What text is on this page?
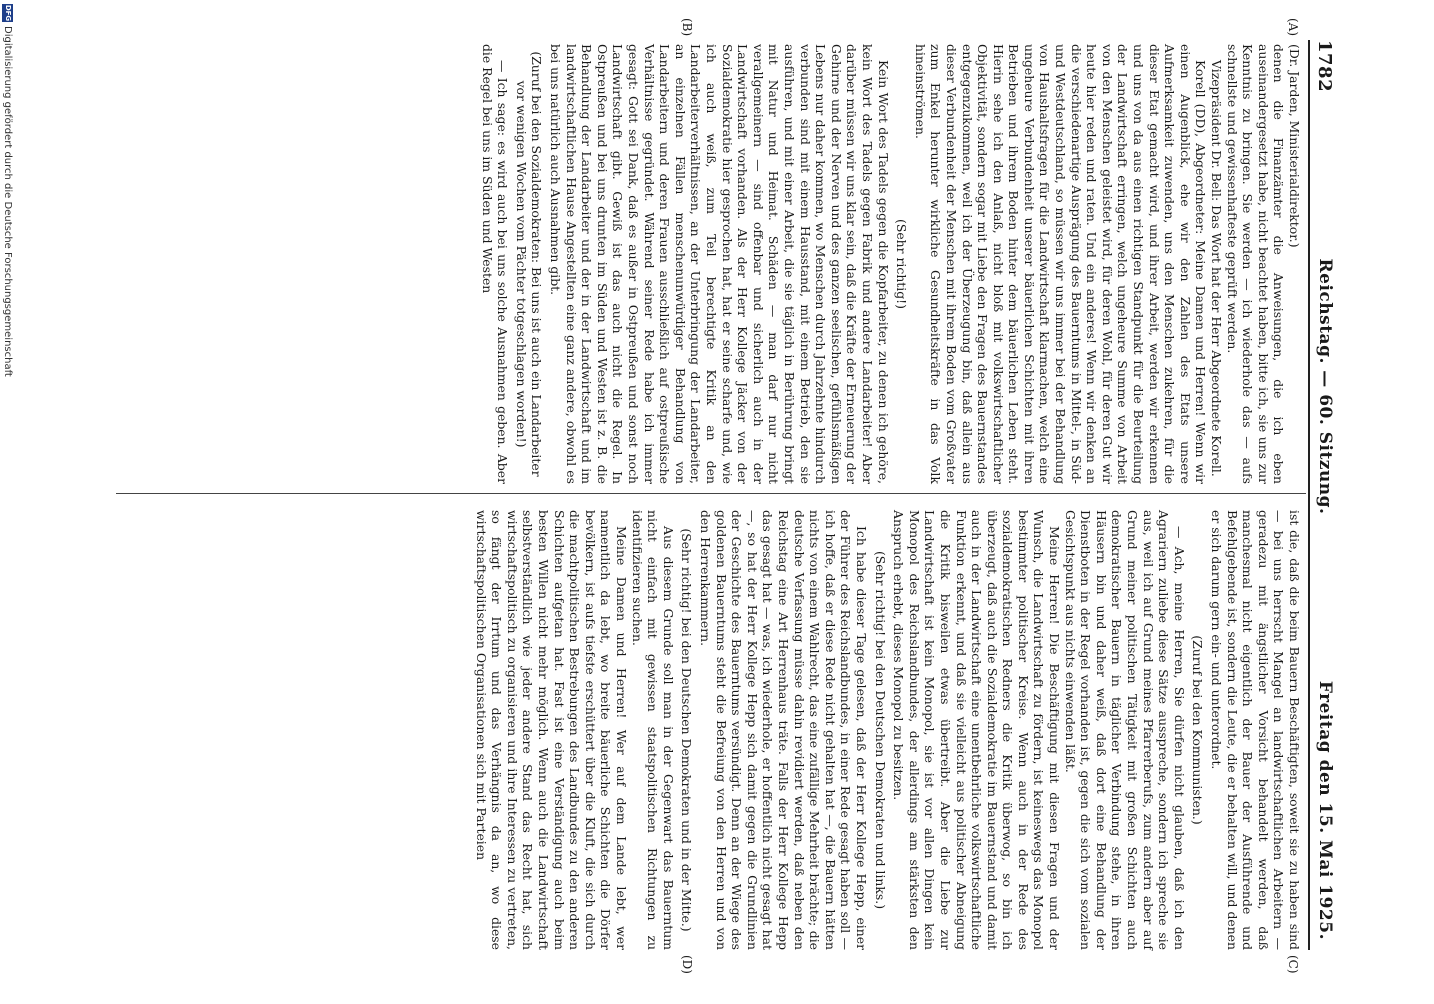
1782
Reichstag. — 60. Sitzung.
Freitag den 15. Mai 1925.
(A)
(B)
(C)
(D)

(Dr. Jarden, Ministerialdirektor.)

denen die Finanzämter die Anweisungen, die ich eben auseinandergesetzt habe, nicht beachtet haben, bitte ich, sie uns zur Kenntnis zu bringen. Sie werden — ich wiederhole das — aufs schnellste und gewissenhafteste geprüft werden.

Vizepräsident Dr. Bell: Das Wort hat der Herr Abgeordnete Korell.

Korell (DD), Abgeordneter: Meine Damen und Herren! Wenn wir einen Augenblick, ehe wir den Zahlen des Etats unsere Aufmerksamkeit zuwenden, uns den Menschen zukehren, für die dieser Etat gemacht wird, und ihrer Arbeit, werden wir erkennen und uns von da aus einen richtigen Standpunkt für die Beurteilung der Landwirtschaft erringen, welch ungeheure Summe von Arbeit von den Menschen geleistet wird, für deren Wohl, für deren Gut wir heute hier reden und raten. Und ein anderes! Wenn wir denken an die verschiedenartige Ausprägung des Bauerntums in Mittel-, in Süd- und Westdeutschland, so müssen wir uns immer bei der Behandlung von Haushaltsfragen für die Landwirtschaft klarmachen, welch eine ungeheure Verbundenheit unserer bäuerlichen Schichten mit ihren Betrieben und ihrem Boden hinter dem bäuerlichen Leben steht. Hierin sehe ich den Anlaß, nicht bloß mit volkswirtschaftlicher Objektivität, sondern sogar mit Liebe den Fragen des Bauernstandes entgegenzukommen, weil ich der Überzeugung bin, daß allein aus dieser Verbundenheit der Menschen mit ihrem Boden vom Großvater zum Enkel herunter wirkliche Gesundheitskräfte in das Volk hineinströmen.

(Sehr richtig!)

Kein Wort des Tadels gegen die Kopfarbeiter, zu denen ich gehöre, kein Wort des Tadels gegen Fabrik und andere Landarbeiter! Aber darüber müssen wir uns klar sein, daß die Kräfte der Erneuerung der Gehirne und der Nerven und des ganzen seelischen, gefühlsmäßigen Lebens nur daher kommen, wo Menschen durch Jahrzehnte hindurch verbunden sind mit einem Hausstand, mit einem Betrieb, den sie ausführen, und mit einer Arbeit, die sie täglich in Berührung bringt mit Natur und Heimat. Schäden — man darf nur nicht verallgemeinern — sind offenbar und sicherlich auch in der Landwirtschaft vorhanden. Als der Herr Kollege Jäcker von der Sozialdemokratie hier gesprochen hat, hat er seine scharfe und, wie ich auch weiß, zum Teil berechtigte Kritik an den Landarbeiterverhältnissen, an der Unterbringung der Landarbeiter, an einzelnen Fällen menschenunwürdiger Behandlung von Landarbeitern und deren Frauen ausschließlich auf ostpreußische Verhältnisse gegründet. Während seiner Rede habe ich immer gesagt: Gott sei Dank, daß es außer in Ostpreußen und sonst noch Landwirtschaft gibt. Gewiß ist das auch nicht die Regel. In Ostpreußen und bei uns drunten im Süden und Westen ist z. B. die Behandlung der Landarbeiter und der in der Landwirtschaft und im landwirtschaftlichen Hause Angestellten eine ganz andere, obwohl es bei uns natürlich auch Ausnahmen gibt.

(Zuruf bei den Sozialdemokraten: Bei uns ist auch ein Landarbeiter vor wenigen Wochen vom Pächter totgeschlagen worden!)

— Ich sage: es wird auch bei uns solche Ausnahmen geben. Aber die Regel bei uns im Süden und Westen

ist die, daß die beim Bauern Beschäftigten, soweit sie zu haben sind — bei uns herrscht Mangel an landwirtschaftlichen Arbeitern — geradezu mit ängstlicher Vorsicht behandelt werden, daß manchesmal nicht eigentlich der Bauer der Ausführende und Befehlgebende ist, sondern die Leute, die er behalten will, und denen er sich darum gern ein- und unterordnet.

(Zuruf bei den Kommunisten.)

— Ach, meine Herren, Sie dürfen nicht glauben, daß ich den Agrariern zuliebe diese Sätze ausspreche, sondern ich spreche sie aus, weil ich auf Grund meines Pfarrerberufs, zum andern aber auf Grund meiner politischen Tätigkeit mit großen Schichten auch demokratischer Bauern in täglicher Verbindung stehe, in ihren Häusern bin und daher weiß, daß dort eine Behandlung der Dienstboten in der Regel vorhanden ist, gegen die sich vom sozialen Gesichtspunkt aus nichts einwenden läßt.

Meine Herren! Die Beschäftigung mit diesen Fragen und der Wunsch, die Landwirtschaft zu fördern, ist keineswegs das Monopol bestimmter politischer Kreise. Wenn auch in der Rede des sozialdemokratischen Redners die Kritik überwog, so bin ich überzeugt, daß auch die Sozialdemokratie im Bauernstand und damit auch in der Landwirtschaft eine unentbehrliche volkswirtschaftliche Funktion erkennt, und daß sie vielleicht aus politischer Abneigung die Kritik bisweilen etwas übertreibt. Aber die Liebe zur Landwirtschaft ist kein Monopol, sie ist vor allen Dingen kein Monopol des Reichslandbundes, der allerdings am stärksten den Anspruch erhebt, dieses Monopol zu besitzen.

(Sehr richtig! bei den Deutschen Demokraten und links.)

Ich habe dieser Tage gelesen, daß der Herr Kollege Hepp, einer der Führer des Reichslandbundes, in einer Rede gesagt haben soll — ich hoffe, daß er diese Rede nicht gehalten hat —, die Bauern hätten nichts von einem Wahlrecht, das eine zufällige Mehrheit brächte; die deutsche Verfassung müsse dahin revidiert werden, daß neben den Reichstag eine Art Herrenhaus träte. Falls der Herr Kollege Hepp das gesagt hat — was, ich wiederhole, er hoffentlich nicht gesagt hat —, so hat der Herr Kollege Hepp sich damit gegen die Grundlinien der Geschichte des Bauerntums versündigt. Denn an der Wiege des goldenen Bauerntums steht die Befreiung von den Herren und von den Herrenkammern.

(Sehr richtig! bei den Deutschen Demokraten und in der Mitte.)

Aus diesem Grunde soll man in der Gegenwart das Bauerntum nicht einfach mit gewissen staatspolitischen Richtungen zu identifizieren suchen.

Meine Damen und Herren! Wer auf dem Lande lebt, wer namentlich da lebt, wo breite bäuerliche Schichten die Dörfer bevölkern, ist aufs tiefste erschüttert über die Kluft, die sich durch die machtpolitischen Bestrebungen des Landbundes zu den anderen Schichten aufgetan hat. Fast ist eine Verständigung auch beim besten Willen nicht mehr möglich. Wenn auch die Landwirtschaft selbstverständlich wie jeder andere Stand das Recht hat, sich wirtschaftspolitisch zu organisieren und ihre Interessen zu vertreten, so fängt der Irrtum und das Verhängnis da an, wo diese wirtschaftspolitischen Organisationen sich mit Parteien

DFG
Digitalisierung gefördert durch die Deutsche Forschungsgemeinschaft
